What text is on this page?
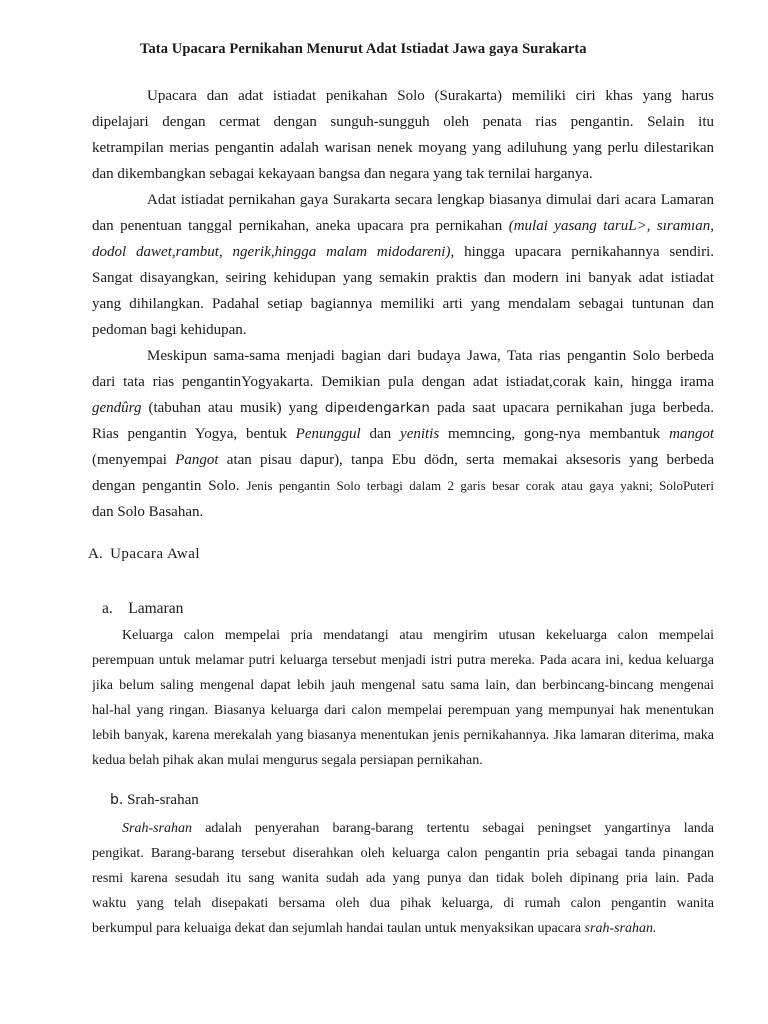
Tata Upacara Pernikahan Menurut Adat Istiadat Jawa gaya Surakarta
Upacara dan adat istiadat penikahan Solo (Surakarta) memiliki ciri khas yang harus
dipelajari dengan cermat dengan sunguh-sungguh oleh penata rias pengantin. Selain itu
ketrampilan merias pengantin adalah warisan nenek moyang yang adiluhung yang perlu dilestarikan
dan dikembangkan sebagai kekayaan bangsa dan negara yang tak ternilai harganya.
Adat istiadat pernikahan gaya Surakarta secara lengkap biasanya dimulai dari acara Lamaran
dan penentuan tanggal pernikahan, aneka upacara pra pernikahan (mulai yasang taruL>, sıramıan,
dodol dawet,rambut, ngerik,hingga malam midodareni), hingga upacara pernikahannya sendiri.
Sangat disayangkan, seiring kehidupan yang semakin praktis dan modern ini banyak adat istiadat
yang dihilangkan. Padahal setiap bagiannya memiliki arti yang mendalam sebagai tuntunan dan
pedoman bagi kehidupan.
Meskipun sama-sama menjadi bagian dari budaya Jawa, Tata rias pengantin Solo berbeda
dari tata rias pengantinYogyakarta. Demikian pula dengan adat istiadat,corak kain, hingga irama
gendûrg (tabuhan atau musik) yang dipeıdengarkan pada saat upacara pernikahan juga berbeda.
Rias pengantin Yogya, bentuk Penunggul dan yenitis memncing, gong-nya membantuk mangot
(menyempai Pangot atan pisau dapur), tanpa Ebu dödn, serta memakai aksesoris yang berbeda
dengan pengantin Solo. Jenis pengantin Solo terbagi dalam 2 garis besar corak atau gaya yakni; SoloPuteri
dan Solo Basahan.
A. Upacara Awal
a. Lamaran
Keluarga calon mempelai pria mendatangi atau mengirim utusan kekeluarga calon mempelai
perempuan untuk melamar putri keluarga tersebut menjadi istri putra mereka. Pada acara ini, kedua keluarga
jika belum saling mengenal dapat lebih jauh mengenal satu sama lain, dan berbincang-bincang mengenai
hal-hal yang ringan. Biasanya keluarga dari calon mempelai perempuan yang mempunyai hak menentukan
lebih banyak, karena merekalah yang biasanya menentukan jenis pernikahannya. Jika lamaran diterima, maka
kedua belah pihak akan mulai mengurus segala persiapan pernikahan.
b. Srah-srahan
Srah-srahan adalah penyerahan barang-barang tertentu sebagai peningset yangartinya landa
pengikat. Barang-barang tersebut diserahkan oleh keluarga calon pengantin pria sebagai tanda pinangan
resmi karena sesudah itu sang wanita sudah ada yang punya dan tidak boleh dipinang pria lain. Pada
waktu yang telah disepakati bersama oleh dua pihak keluarga, di rumah calon pengantin wanita
berkumpul para keluaiga dekat dan sejumlah handai taulan untuk menyaksikan upacara srah-srahan.
